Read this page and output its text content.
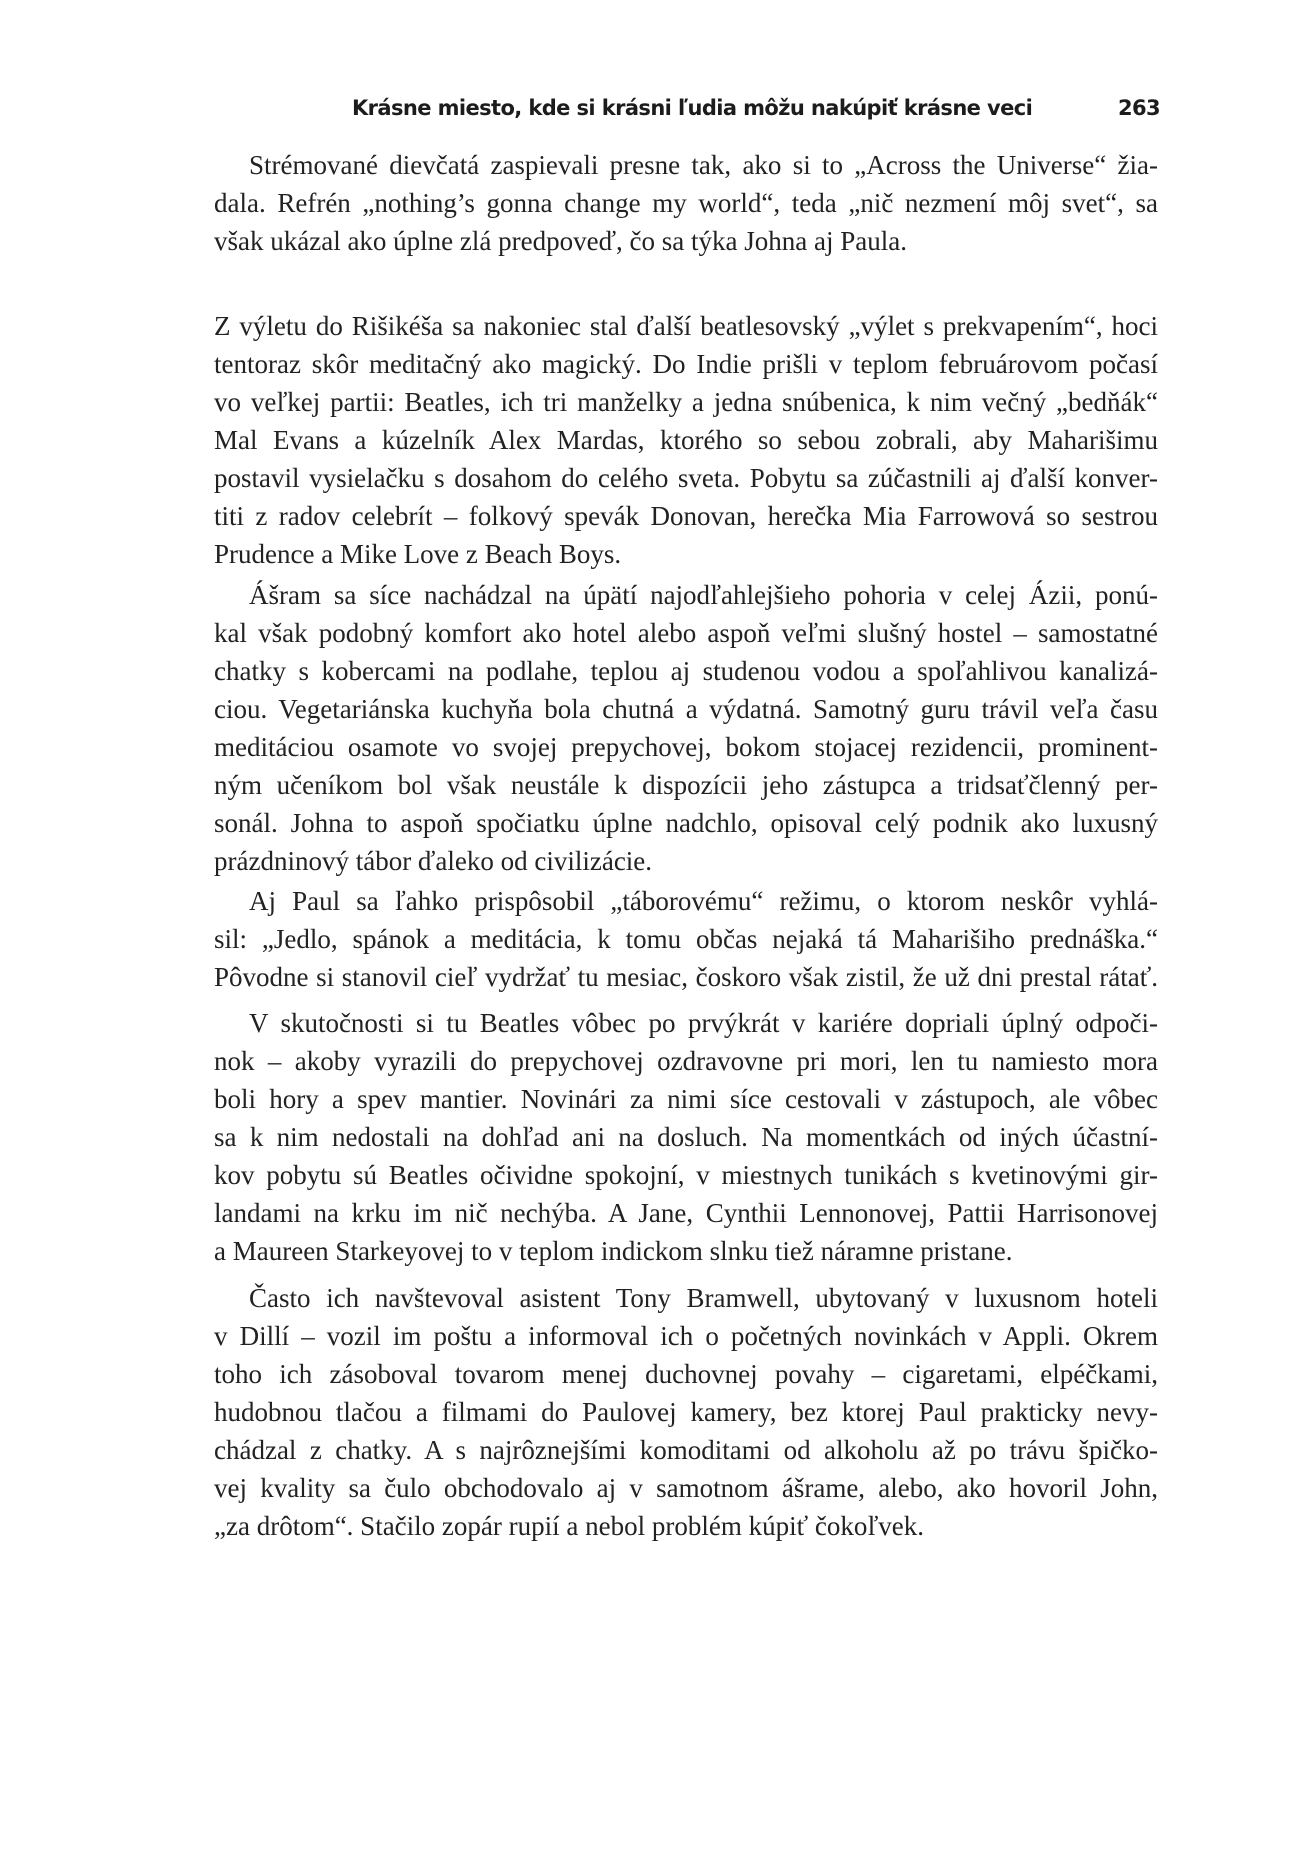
Krásne miesto, kde si krásni ľudia môžu nakúpiť krásne veci	263
Strémované dievčatá zaspievali presne tak, ako si to „Across the Universe“ žia-
dala. Refrén „nothing’s gonna change my world“, teda „nič nezmení môj svet“, sa
však ukázal ako úplne zlá predpoveď, čo sa týka Johna aj Paula.
Z výletu do Rišikéša sa nakoniec stal ďalší beatlesovský „výlet s prekvapením“, hoci
tentoraz skôr meditačný ako magický. Do Indie prišli v teplom februárovom počasí
vo veľkej partii: Beatles, ich tri manželky a jedna snúbenica, k nim večný „bedňák“
Mal Evans a kúzelník Alex Mardas, ktorého so sebou zobrali, aby Maharišimu
postavil vysielačku s dosahom do celého sveta. Pobytu sa zúčastnili aj ďalší konver-
titi z radov celebrít – folkový spevák Donovan, herečka Mia Farrowová so sestrou
Prudence a Mike Love z Beach Boys.
Ášram sa síce nachádzal na úpätí najodľahlejšieho pohoria v celej Ázii, ponú-
kal však podobný komfort ako hotel alebo aspoň veľmi slušný hostel – samostatné
chatky s kobercami na podlahe, teplou aj studenou vodou a spoľahlivou kanalizá-
ciou. Vegetariánska kuchyňa bola chutná a výdatná. Samotný guru trávil veľa času
meditáciou osamote vo svojej prepychovej, bokom stojacej rezidencii, prominent-
ným učeníkom bol však neustále k dispozícii jeho zástupca a tridsaťčlenný per-
sonál. Johna to aspoň spočiatku úplne nadchlo, opisoval celý podnik ako luxusný
prázdninový tábor ďaleko od civilizácie.
Aj Paul sa ľahko prispôsobil „táborovému“ režimu, o ktorom neskôr vyhlá-
sil: „Jedlo, spánok a meditácia, k tomu občas nejaká tá Maharišiho prednáška.“
Pôvodne si stanovil cieľ vydržať tu mesiac, čoskoro však zistil, že už dni prestal rátať.
V skutočnosti si tu Beatles vôbec po prvýkrát v kariére dopriali úplný odpoči-
nok – akoby vyrazili do prepychovej ozdravovne pri mori, len tu namiesto mora
boli hory a spev mantier. Novinári za nimi síce cestovali v zástupoch, ale vôbec
sa k nim nedostali na dohľad ani na dosluch. Na momentkách od iných účastní-
kov pobytu sú Beatles očividne spokojní, v miestnych tunikách s kvetinovými gir-
landami na krku im nič nechýba. A Jane, Cynthii Lennonovej, Pattii Harrisonovej
a Maureen Starkeyovej to v teplom indickom slnku tiež náramne pristane.
Často ich navštevoval asistent Tony Bramwell, ubytovaný v luxusnom hoteli
v Dillí – vozil im poštu a informoval ich o početných novinkách v Appli. Okrem
toho ich zásoboval tovarom menej duchovnej povahy – cigaretami, elpéčkami,
hudobnou tlačou a filmami do Paulovej kamery, bez ktorej Paul prakticky nevy-
chádzal z chatky. A s najrôznejšími komoditami od alkoholu až po trávu špičko-
vej kvality sa čulo obchodovalo aj v samotnom ášrame, alebo, ako hovoril John,
„za drôtom“. Stačilo zopár rupií a nebol problém kúpiť čokoľvek.
